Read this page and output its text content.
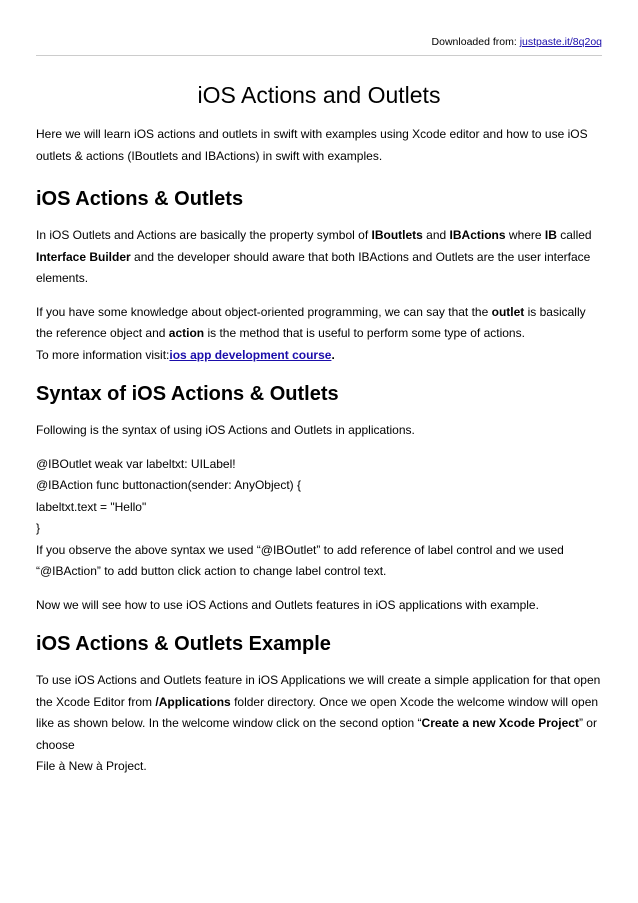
Downloaded from: justpaste.it/8q2oq
iOS Actions and Outlets

Here we will learn iOS actions and outlets in swift with examples using Xcode editor and how to use iOS outlets & actions (IBoutlets and IBActions) in swift with examples.

iOS Actions & Outlets

In iOS Outlets and Actions are basically the property symbol of IBoutlets and IBActions where IB called Interface Builder and the developer should aware that both IBActions and Outlets are the user interface elements.

If you have some knowledge about object-oriented programming, we can say that the outlet is basically the reference object and action is the method that is useful to perform some type of actions.
To more information visit:ios app development course.

Syntax of iOS Actions & Outlets

Following is the syntax of using iOS Actions and Outlets in applications.

@IBOutlet weak var labeltxt: UILabel!

@IBAction func buttonaction(sender: AnyObject) {

labeltxt.text = "Hello"

}

If you observe the above syntax we used “@IBOutlet” to add reference of label control and we used “@IBAction” to add button click action to change label control text.

Now we will see how to use iOS Actions and Outlets features in iOS applications with example.

iOS Actions & Outlets Example

To use iOS Actions and Outlets feature in iOS Applications we will create a simple application for that open the Xcode Editor from /Applications folder directory. Once we open Xcode the welcome window will open like as shown below. In the welcome window click on the second option “Create a new Xcode Project” or choose
File à New à Project.
